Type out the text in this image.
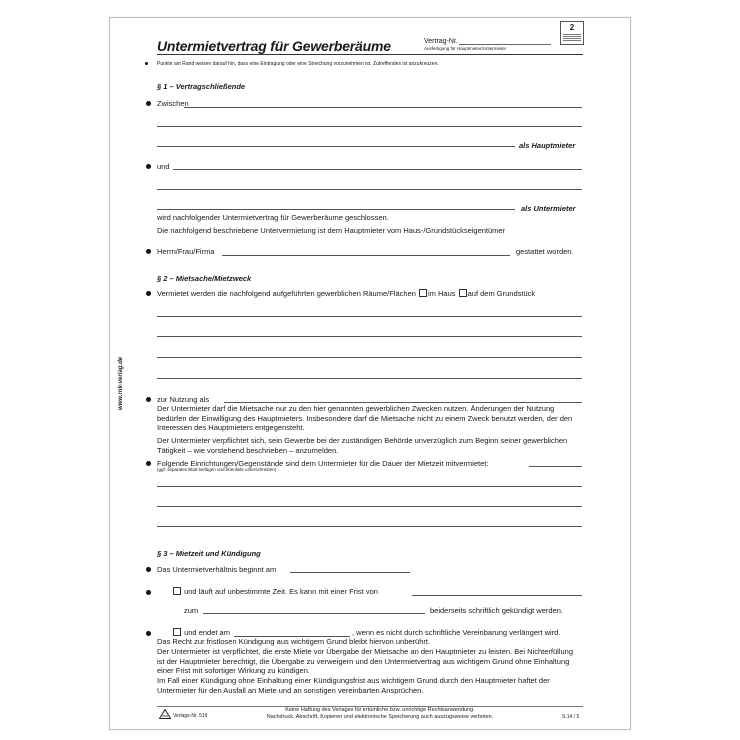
www.rnk-verlag.de
2
Untermietvertrag für Gewerberäume	Vertrag-Nr.
Ausfertigung für Hauptmieter/Untermieter
Punkte am Rand weisen darauf hin, dass eine Eintragung oder eine Streichung vorzunehmen ist. Zutreffendes ist anzukreuzen.
§ 1 – Vertragschließende
Zwischen
als Hauptmieter
und
als Untermieter
wird nachfolgender Untermietvertrag für Gewerberäume geschlossen.
Die nachfolgend beschriebene Untervermietung ist dem Hauptmieter vom Haus-/Grundstückseigentümer
Herrn/Frau/Firma	gestattet worden.
§ 2 – Mietsache/Mietzweck
Vermietet werden die nachfolgend aufgeführten gewerblichen Räume/Flächen im Haus auf dem Grundstück
zur Nutzung als
Der Untermieter darf die Mietsache nur zu den hier genannten gewerblichen Zwecken nutzen. Änderungen der Nutzung bedürfen der Einwilligung des Hauptmieters. Insbesondere darf die Mietsache nicht zu einem Zweck benutzt werden, der den Interessen des Hauptmieters entgegensteht.
Der Untermieter verpflichtet sich, sein Gewerbe bei der zuständigen Behörde unverzüglich zum Beginn seiner gewerblichen Tätigkeit – wie vorstehend beschrieben – anzumelden.
Folgende Einrichtungen/Gegenstände sind dem Untermieter für die Dauer der Mietzeit mitvermietet:
(ggf. separates Blatt beifügen und ebenfalls unterschreiben)
§ 3 – Mietzeit und Kündigung
Das Untermietverhältnis beginnt am
und läuft auf unbestimmte Zeit. Es kann mit einer Frist von
zum	beiderseits schriftlich gekündigt werden.
und endet am	, wenn es nicht durch schriftliche Vereinbarung verlängert wird.
Das Recht zur fristlosen Kündigung aus wichtigem Grund bleibt hiervon unberührt.
Der Untermieter ist verpflichtet, die erste Miete vor Übergabe der Mietsache an den Hauptmieter zu leisten. Bei Nichterfüllung ist der Hauptmieter berechtigt, die Übergabe zu verweigern und den Untermietvertrag aus wichtigem Grund ohne Einhaltung einer Frist mit sofortiger Wirkung zu kündigen.
Im Fall einer Kündigung ohne Einhaltung einer Kündigungsfrist aus wichtigem Grund durch den Hauptmieter haftet der Untermieter für den Ausfall an Miete und an sonstigen vereinbarten Ansprüchen.
Verlags-Nr. 519
Keine Haftung des Verlages für irrtümliche bzw. unrichtige Rechtsanwendung.
Nachdruck, Abschrift, Kopieren und elektronische Speicherung auch auszugsweise verboten.	S.14 / 5
